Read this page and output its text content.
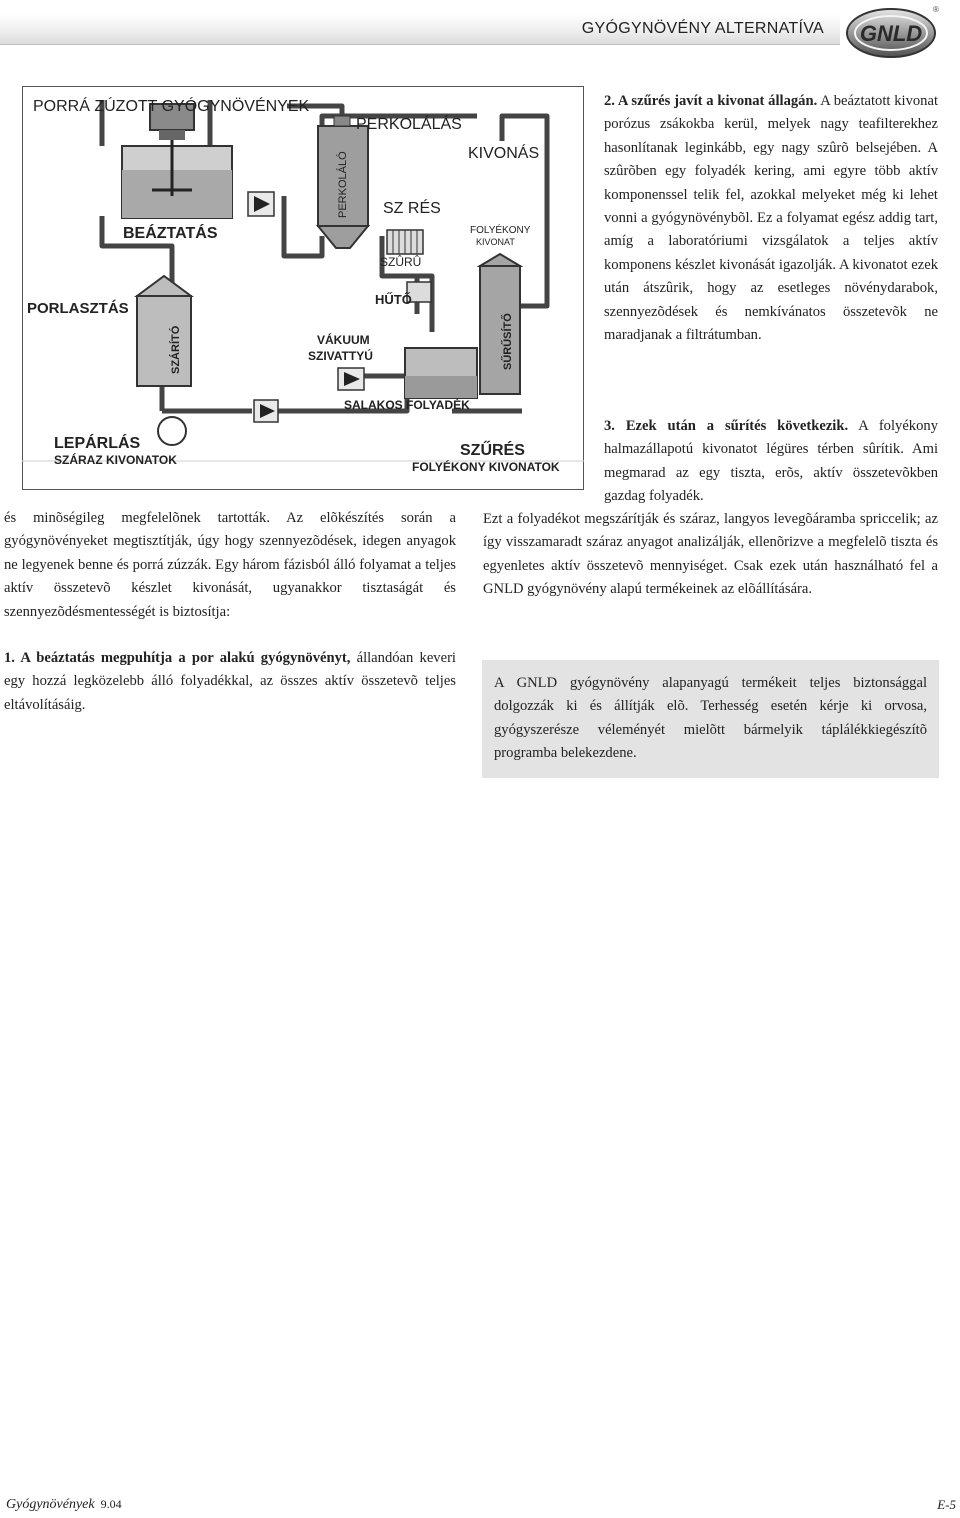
GYÓGYNÖVÉNY ALTERNATÍVA GNLD
®
PORRÁ ZÚZOTT GYÓGYNÖVÉNYEK
PERKOLÁLÁS
KIVONÁS
PERKOLÁLÓ SZ RÉS
FOLYÉKONY
KIVONAT
BEÁZTATÁS
SZÛRÛ
HŰTŐ
PORLASZTÁS
SZÁRÍTÓ	VÁKUUM
SZIVATTYÚ	SŰRŰSÍTŐ
SALAKOS FOLYADÉK
LEPÁRLÁS
SZÁRAZ KIVONATOK
SZŰRÉS
FOLYÉKONY KIVONATOK

és minõségileg megfelelõnek tartották. Az elõkészítés során a gyógynövényeket megtisztítják, úgy hogy szennyezõdések, idegen anyagok ne legyenek benne és porrá zúzzák. Egy három fázisból álló folyamat a teljes aktív összetevõ készlet kivonását, ugyanakkor tisztaságát és szennyezõdésmentességét is biztosítja:

1. A beáztatás megpuhítja a por alakú gyógynövényt, állandóan keveri egy hozzá legközelebb álló folyadékkal, az összes aktív összetevõ teljes eltávolításáig.

2. A szűrés javít a kivonat állagán. A beáztatott kivonat porózus zsákokba kerül, melyek nagy teafilterekhez hasonlítanak leginkább, egy nagy szûrõ belsejében. A szûrõben egy folyadék kering, ami egyre több aktív komponenssel telik fel, azokkal melyeket még ki lehet vonni a gyógynövénybõl. Ez a folyamat egész addig tart, amíg a laboratóriumi vizsgálatok a teljes aktív komponens készlet kivonását igazolják. A kivonatot ezek után átszûrik, hogy az esetleges növénydarabok, szennyezõdések és nemkívánatos összetevõk ne maradjanak a filtrátumban.

3. Ezek után a sűrítés következik. A folyékony halmazállapotú kivonatot légüres térben sûrítik. Ami megmarad az egy tiszta, erõs, aktív összetevõkben gazdag folyadék.

Ezt a folyadékot megszárítják és száraz, langyos levegõáramba spriccelik; az így visszamaradt száraz anyagot analizálják, ellenõrizve a megfelelõ tiszta és egyenletes aktív összetevõ mennyiséget. Csak ezek után használható fel a GNLD gyógynövény alapú termékeinek az elõállítására.

A GNLD gyógynövény alapanyagú termékeit teljes biztonsággal dolgozzák ki és állítják elõ. Terhesség esetén kérje ki orvosa, gyógyszerésze véleményét mielõtt bármelyik táplálékkiegészítõ programba belekezdene.

Gyógynövények 9.04	E-5
